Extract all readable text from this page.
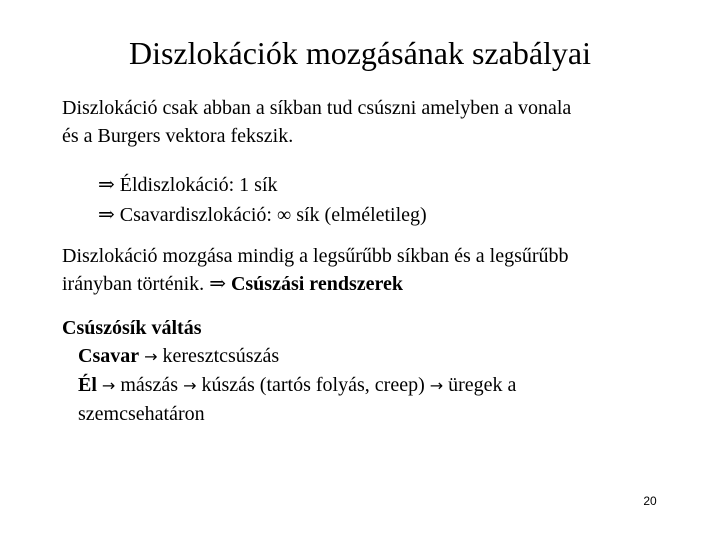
Diszlokációk mozgásának szabályai
Diszlokáció csak abban a síkban tud csúszni amelyben a vonala
és a Burgers vektora fekszik.
⇒ Éldiszlokáció: 1 sík
⇒ Csavardiszlokáció: ∞ sík (elméletileg)
Diszlokáció mozgása mindig a legsűrűbb síkban és a legsűrűbb
irányban történik. ⇒ Csúszási rendszerek
Csúszósík váltás
Csavar → keresztcsúszás
Él → mászás → kúszás (tartós folyás, creep) → üregek a
szemcsehatáron
20
